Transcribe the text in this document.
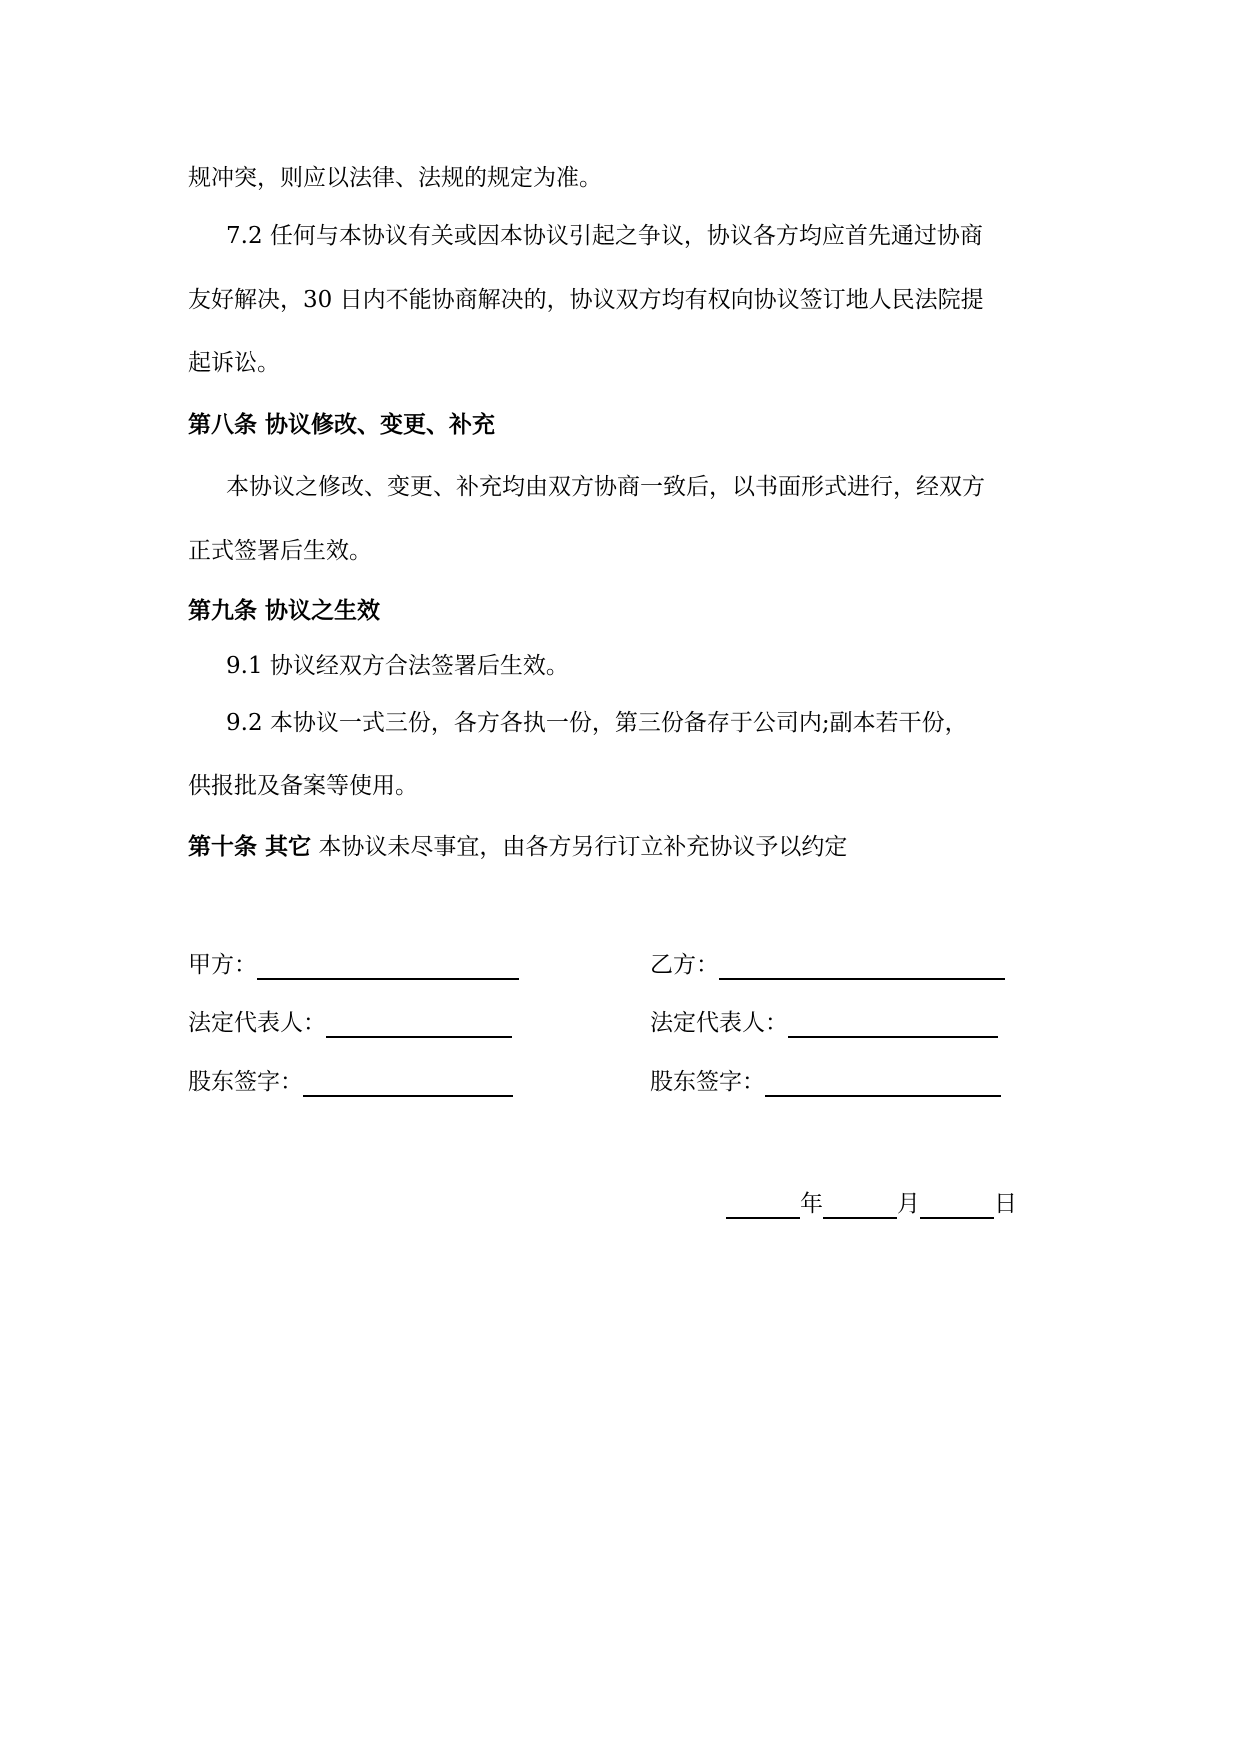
规冲突，则应以法律、法规的规定为准。
7.2 任何与本协议有关或因本协议引起之争议，协议各方均应首先通过协商
友好解决，30 日内不能协商解决的，协议双方均有权向协议签订地人民法院提
起诉讼。
第八条 协议修改、变更、补充
本协议之修改、变更、补充均由双方协商一致后，以书面形式进行，经双方
正式签署后生效。
第九条 协议之生效
9.1 协议经双方合法签署后生效。
9.2 本协议一式三份，各方各执一份，第三份备存于公司内;副本若干份，
供报批及备案等使用。
第十条 其它 本协议未尽事宜，由各方另行订立补充协议予以约定
甲方：
法定代表人：
股东签字：
乙方：
法定代表人：
股东签字：
年	月	日
